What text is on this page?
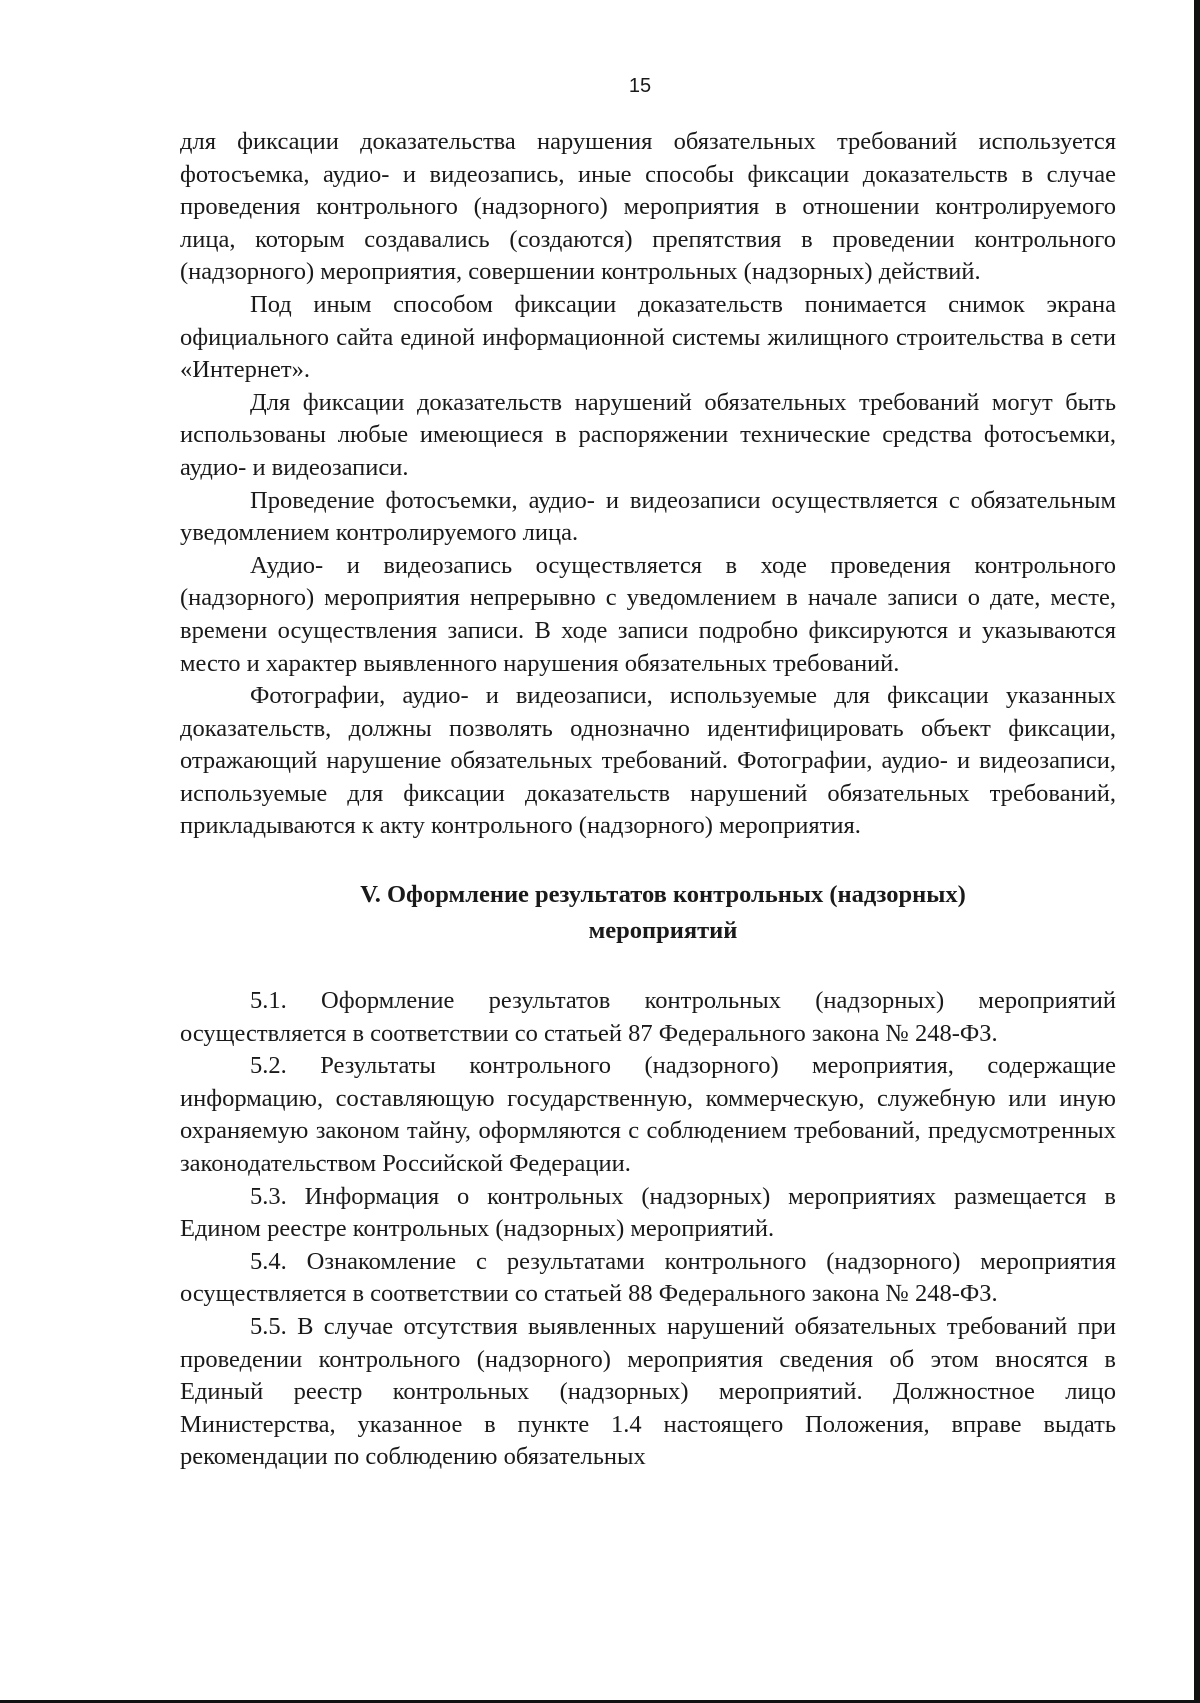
15

для фиксации доказательства нарушения обязательных требований используется фотосъемка, аудио- и видеозапись, иные способы фиксации доказательств в случае проведения контрольного (надзорного) мероприятия в отношении контролируемого лица, которым создавались (создаются) препятствия в проведении контрольного (надзорного) мероприятия, совершении контрольных (надзорных) действий.

Под иным способом фиксации доказательств понимается снимок экрана официального сайта единой информационной системы жилищного строительства в сети «Интернет».

Для фиксации доказательств нарушений обязательных требований могут быть использованы любые имеющиеся в распоряжении технические средства фотосъемки, аудио- и видеозаписи.

Проведение фотосъемки, аудио- и видеозаписи осуществляется с обязательным уведомлением контролируемого лица.

Аудио- и видеозапись осуществляется в ходе проведения контрольного (надзорного) мероприятия непрерывно с уведомлением в начале записи о дате, месте, времени осуществления записи. В ходе записи подробно фиксируются и указываются место и характер выявленного нарушения обязательных требований.

Фотографии, аудио- и видеозаписи, используемые для фиксации указанных доказательств, должны позволять однозначно идентифицировать объект фиксации, отражающий нарушение обязательных требований. Фотографии, аудио- и видеозаписи, используемые для фиксации доказательств нарушений обязательных требований, прикладываются к акту контрольного (надзорного) мероприятия.

V. Оформление результатов контрольных (надзорных)
мероприятий

5.1. Оформление результатов контрольных (надзорных) мероприятий осуществляется в соответствии со статьей 87 Федерального закона № 248-ФЗ.

5.2. Результаты контрольного (надзорного) мероприятия, содержащие информацию, составляющую государственную, коммерческую, служебную или иную охраняемую законом тайну, оформляются с соблюдением требований, предусмотренных законодательством Российской Федерации.

5.3. Информация о контрольных (надзорных) мероприятиях размещается в Едином реестре контрольных (надзорных) мероприятий.

5.4. Ознакомление с результатами контрольного (надзорного) мероприятия осуществляется в соответствии со статьей 88 Федерального закона № 248-ФЗ.

5.5. В случае отсутствия выявленных нарушений обязательных требований при проведении контрольного (надзорного) мероприятия сведения об этом вносятся в Единый реестр контрольных (надзорных) мероприятий. Должностное лицо Министерства, указанное в пункте 1.4 настоящего Положения, вправе выдать рекомендации по соблюдению обязательных
